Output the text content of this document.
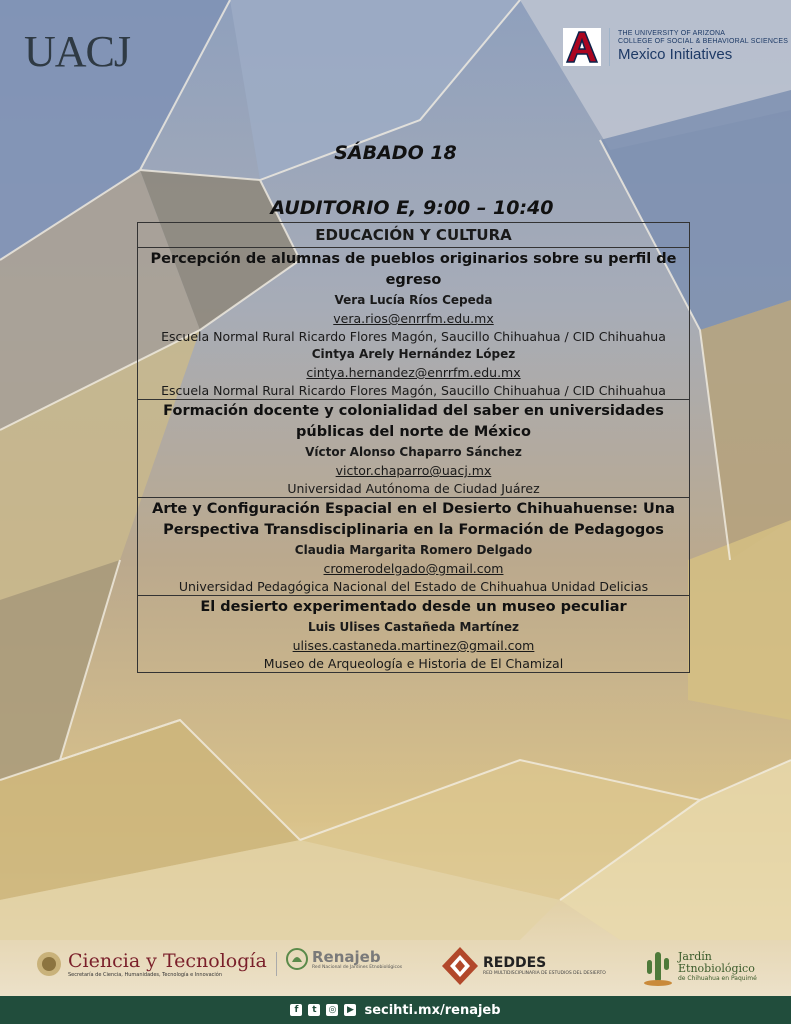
UACJ	THE UNIVERSITY OF ARIZONA
COLLEGE OF SOCIAL & BEHAVIORAL SCIENCES
Mexico Initiatives
SÁBADO 18
AUDITORIO E, 9:00 – 10:40
EDUCACIÓN Y CULTURA
Percepción de alumnas de pueblos originarios sobre su perfil de egreso
Vera Lucía Ríos Cepeda
vera.rios@enrrfm.edu.mx
Escuela Normal Rural Ricardo Flores Magón, Saucillo Chihuahua / CID Chihuahua
Cintya Arely Hernández López
cintya.hernandez@enrrfm.edu.mx
Escuela Normal Rural Ricardo Flores Magón, Saucillo Chihuahua / CID Chihuahua
Formación docente y colonialidad del saber en universidades públicas del norte de México
Víctor Alonso Chaparro Sánchez
victor.chaparro@uacj.mx
Universidad Autónoma de Ciudad Juárez
Arte y Configuración Espacial en el Desierto Chihuahuense: Una Perspectiva Transdisciplinaria en la Formación de Pedagogos
Claudia Margarita Romero Delgado
cromerodelgado@gmail.com
Universidad Pedagógica Nacional del Estado de Chihuahua Unidad Delicias
El desierto experimentado desde un museo peculiar
Luis Ulises Castañeda Martínez
ulises.castaneda.martinez@gmail.com
Museo de Arqueología e Historia de El Chamizal
Ciencia y Tecnología
Secretaría de Ciencia, Humanidades, Tecnología e Innovación
Renajeb
Red Nacional de Jardines Etnobiológicos	REDDES
RED MULTIDISCIPLINARIA DE ESTUDIOS DEL DESIERTO
Jardín
Etnobiológico
de Chihuahua en Paquimé
f	t	◎ ▶ secihti.mx/renajeb
